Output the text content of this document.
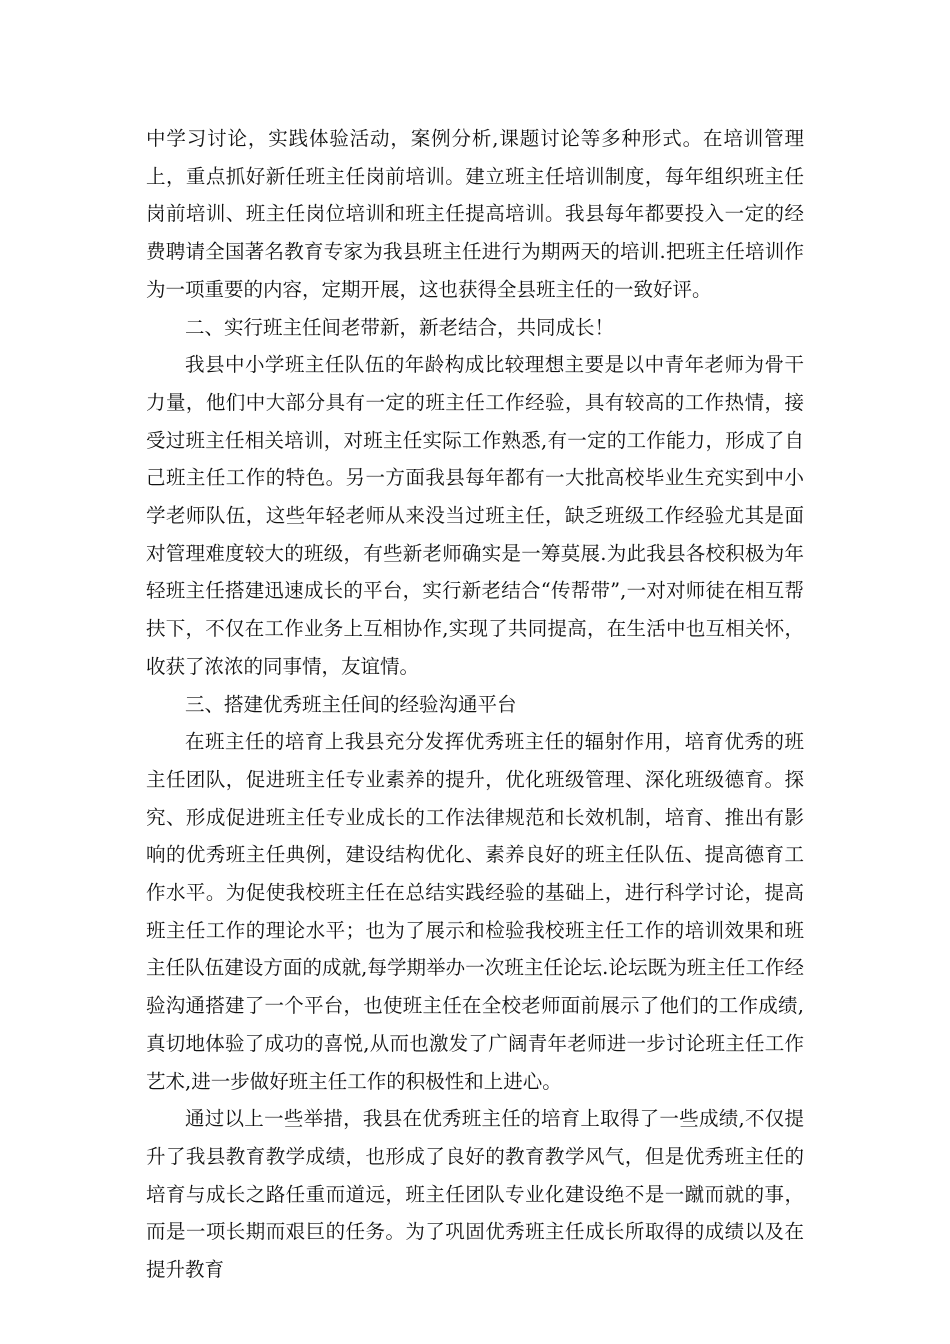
中学习讨论，实践体验活动，案例分析,课题讨论等多种形式。在培训管理上，重点抓好新任班主任岗前培训。建立班主任培训制度，每年组织班主任岗前培训、班主任岗位培训和班主任提高培训。我县每年都要投入一定的经费聘请全国著名教育专家为我县班主任进行为期两天的培训.把班主任培训作为一项重要的内容，定期开展，这也获得全县班主任的一致好评。

二、实行班主任间老带新，新老结合，共同成长！

我县中小学班主任队伍的年龄构成比较理想主要是以中青年老师为骨干力量，他们中大部分具有一定的班主任工作经验，具有较高的工作热情，接受过班主任相关培训，对班主任实际工作熟悉,有一定的工作能力，形成了自己班主任工作的特色。另一方面我县每年都有一大批高校毕业生充实到中小学老师队伍，这些年轻老师从来没当过班主任，缺乏班级工作经验尤其是面对管理难度较大的班级，有些新老师确实是一筹莫展.为此我县各校积极为年轻班主任搭建迅速成长的平台，实行新老结合“传帮带”,一对对师徒在相互帮扶下，不仅在工作业务上互相协作,实现了共同提高，在生活中也互相关怀，收获了浓浓的同事情，友谊情。

三、搭建优秀班主任间的经验沟通平台

在班主任的培育上我县充分发挥优秀班主任的辐射作用，培育优秀的班主任团队，促进班主任专业素养的提升，优化班级管理、深化班级德育。探究、形成促进班主任专业成长的工作法律规范和长效机制，培育、推出有影响的优秀班主任典例，建设结构优化、素养良好的班主任队伍、提高德育工作水平。为促使我校班主任在总结实践经验的基础上，进行科学讨论，提高班主任工作的理论水平；也为了展示和检验我校班主任工作的培训效果和班主任队伍建设方面的成就,每学期举办一次班主任论坛.论坛既为班主任工作经验沟通搭建了一个平台，也使班主任在全校老师面前展示了他们的工作成绩,真切地体验了成功的喜悦,从而也激发了广阔青年老师进一步讨论班主任工作艺术,进一步做好班主任工作的积极性和上进心。

通过以上一些举措，我县在优秀班主任的培育上取得了一些成绩,不仅提升了我县教育教学成绩，也形成了良好的教育教学风气，但是优秀班主任的培育与成长之路任重而道远，班主任团队专业化建设绝不是一蹴而就的事，而是一项长期而艰巨的任务。为了巩固优秀班主任成长所取得的成绩以及在提升教育
